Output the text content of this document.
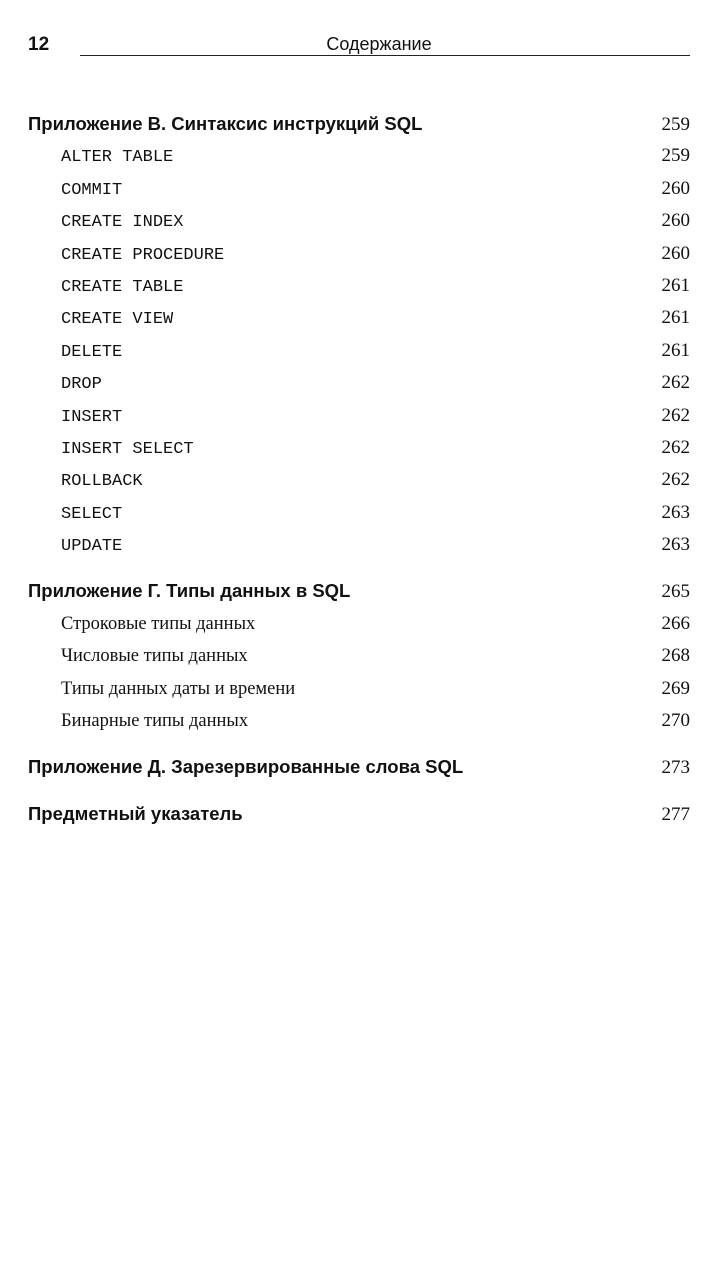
12	Содержание
Приложение В. Синтаксис инструкций SQL	259
ALTER TABLE	259
COMMIT	260
CREATE INDEX	260
CREATE PROCEDURE	260
CREATE TABLE	261
CREATE VIEW	261
DELETE	261
DROP	262
INSERT	262
INSERT SELECT	262
ROLLBACK	262
SELECT	263
UPDATE	263
Приложение Г. Типы данных в SQL	265
Строковые типы данных	266
Числовые типы данных	268
Типы данных даты и времени	269
Бинарные типы данных	270
Приложение Д. Зарезервированные слова SQL	273
Предметный указатель	277
